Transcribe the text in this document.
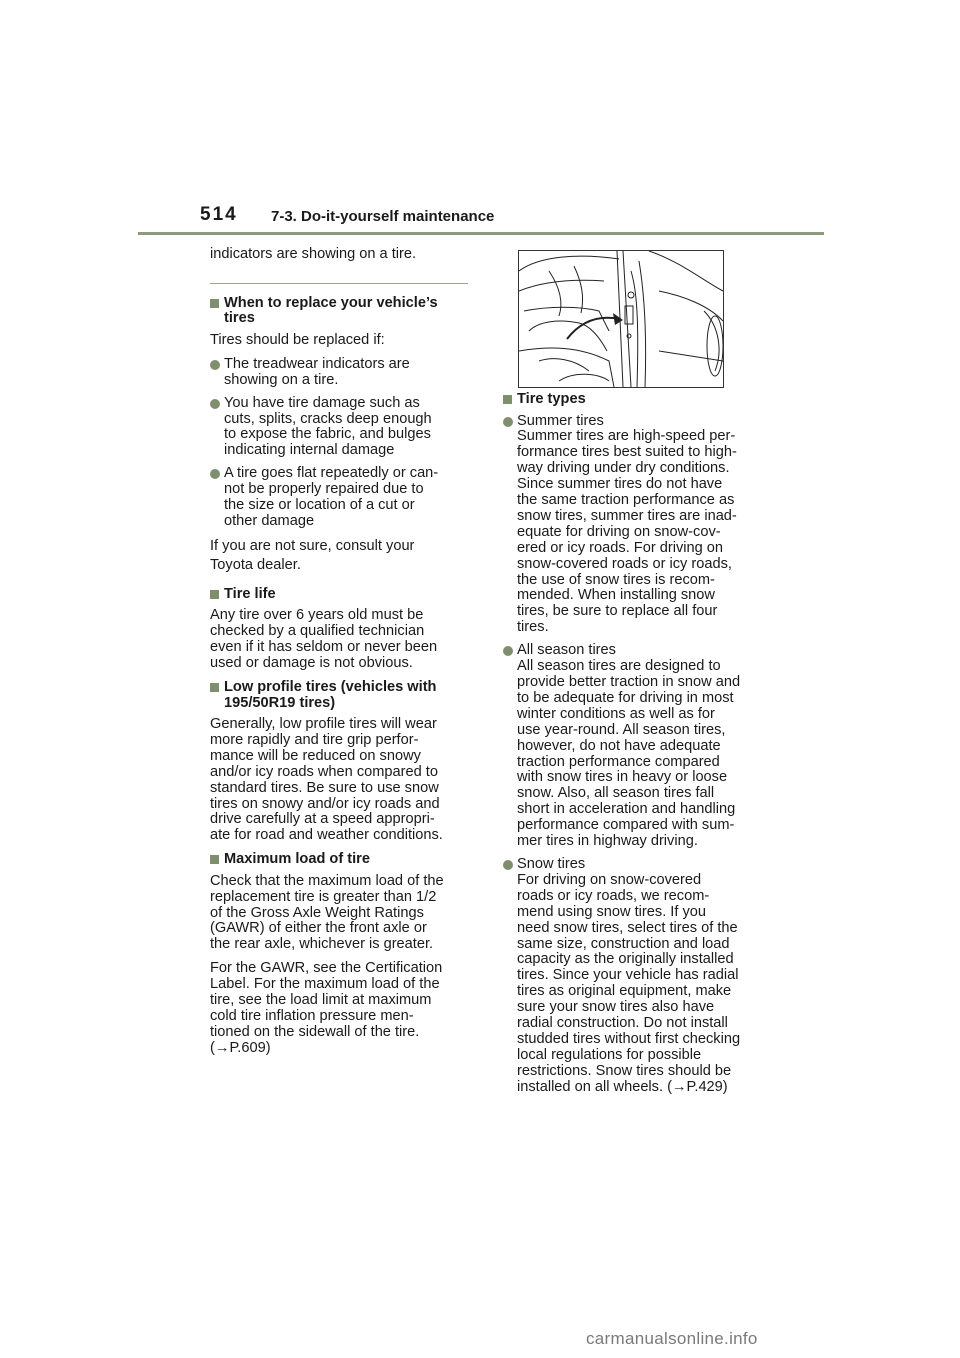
514 7-3. Do-it-yourself maintenance

indicators are showing on a tire.

When to replace your vehicle’s
tires

Tires should be replaced if:

The treadwear indicators are
showing on a tire.
You have tire damage such as
cuts, splits, cracks deep enough
to expose the fabric, and bulges
indicating internal damage
A tire goes flat repeatedly or can-
not be properly repaired due to
the size or location of a cut or
other damage

If you are not sure, consult your
Toyota dealer.

Tire life

Any tire over 6 years old must be
checked by a qualified technician
even if it has seldom or never been
used or damage is not obvious.

Low profile tires (vehicles with
195/50R19 tires)

Generally, low profile tires will wear
more rapidly and tire grip perfor-
mance will be reduced on snowy
and/or icy roads when compared to
standard tires. Be sure to use snow
tires on snowy and/or icy roads and
drive carefully at a speed appropri-
ate for road and weather conditions.

Maximum load of tire

Check that the maximum load of the
replacement tire is greater than 1/2
of the Gross Axle Weight Ratings
(GAWR) of either the front axle or
the rear axle, whichever is greater.

For the GAWR, see the Certification
Label. For the maximum load of the
tire, see the load limit at maximum
cold tire inflation pressure men-
tioned on the sidewall of the tire.
(→P.609)

Tire types
Summer tires
Summer tires are high-speed per-
formance tires best suited to high-
way driving under dry conditions.
Since summer tires do not have
the same traction performance as
snow tires, summer tires are inad-
equate for driving on snow-cov-
ered or icy roads. For driving on
snow-covered roads or icy roads,
the use of snow tires is recom-
mended. When installing snow
tires, be sure to replace all four
tires.
All season tires
All season tires are designed to
provide better traction in snow and
to be adequate for driving in most
winter conditions as well as for
use year-round. All season tires,
however, do not have adequate
traction performance compared
with snow tires in heavy or loose
snow. Also, all season tires fall
short in acceleration and handling
performance compared with sum-
mer tires in highway driving.
Snow tires
For driving on snow-covered
roads or icy roads, we recom-
mend using snow tires. If you
need snow tires, select tires of the
same size, construction and load
capacity as the originally installed
tires. Since your vehicle has radial
tires as original equipment, make
sure your snow tires also have
radial construction. Do not install
studded tires without first checking
local regulations for possible
restrictions. Snow tires should be
installed on all wheels. (→P.429)
carmanualsonline.info
